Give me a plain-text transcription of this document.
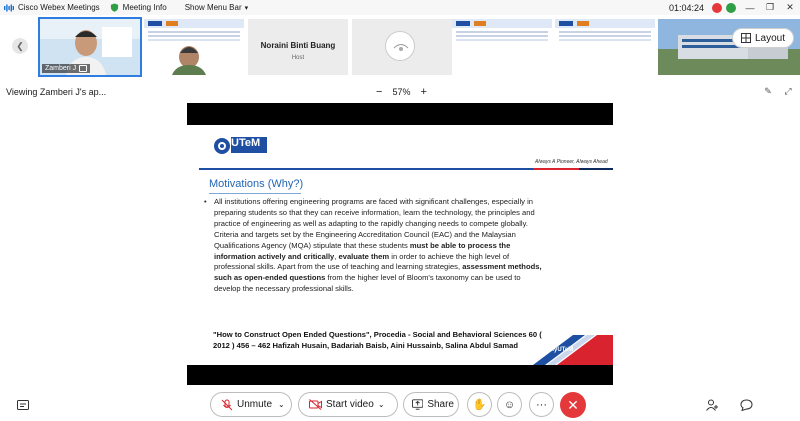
Cisco Webex Meetings	Meeting Info Show Menu Bar ▾	01:04:24	—	❐	✕
❮
Zamberi J
Noraini Binti Buang
Host
Layout
Viewing Zamberi J's ap...	− 57% +	✎ ⤢
UTeM
Always A Pioneer, Always Ahead
Motivations (Why?)
• All institutions offering engineering programs are faced with significant challenges, especially in preparing students so that they can receive information, learn the technology, the principles and practice of engineering as well as adapting to the rapidly changing needs to compete globally. Criteria and targets set by the Engineering Accreditation Council (EAC) and the Malaysian Qualifications Agency (MQA) stipulate that these students must be able to process the information actively and critically, evaluate them in order to achieve the high level of professional skills. Apart from the use of teaching and learning strategies, assessment methods, such as open-ended questions from the higher level of Bloom's taxonomy can be used to develop the necessary professional skills.
"How to Construct Open Ended Questions", Procedia - Social and Behavioral Sciences 60 ( 2012 ) 456 – 462 Hafizah Husain, Badariah Baisb, Aini Hussainb, Salina Abdul Samad
MyUTeM
Unmute ⌄	Start video ⌄	Share ✋ ☺ ··· ✕
